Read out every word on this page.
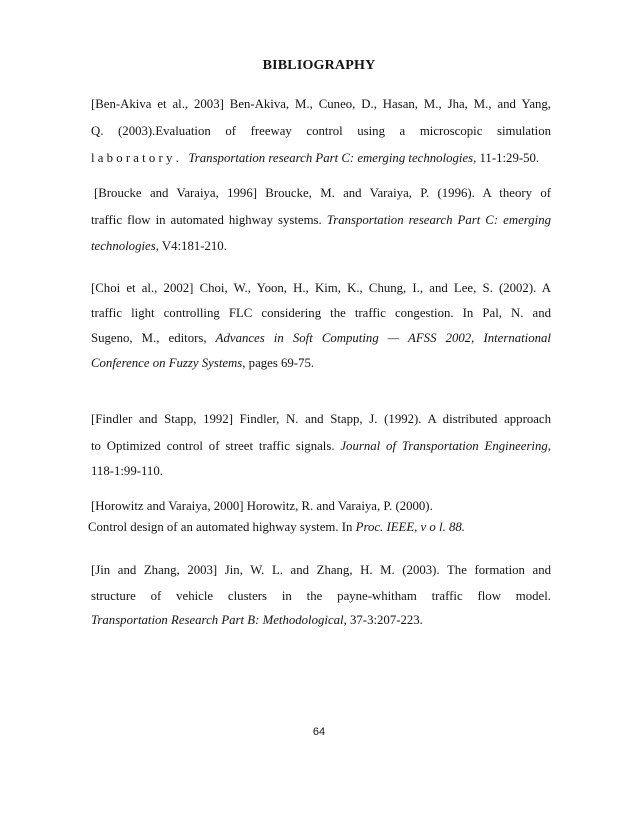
BIBLIOGRAPHY
[Ben-Akiva et al., 2003] Ben-Akiva, M., Cuneo, D., Hasan, M., Jha, M., and Yang,
Q. (2003).Evaluation of freeway control using a microscopic simulation
l a b o r a t o r y . Transportation research Part C: emerging technologies, 11-1:29-50.
[Broucke and Varaiya, 1996] Broucke, M. and Varaiya, P. (1996). A theory of
traffic flow in automated highway systems. Transportation research Part C: emerging
technologies, V4:181-210.
[Choi et al., 2002] Choi, W., Yoon, H., Kim, K., Chung, I., and Lee, S. (2002). A
traffic light controlling FLC considering the traffic congestion. In Pal, N. and
Sugeno, M., editors, Advances in Soft Computing — AFSS 2002, International
Conference on Fuzzy Systems, pages 69-75.
[Findler and Stapp, 1992] Findler, N. and Stapp, J. (1992). A distributed approach
to Optimized control of street traffic signals. Journal of Transportation Engineering,
118-1:99-110.
[Horowitz and Varaiya, 2000] Horowitz, R. and Varaiya, P. (2000).
Control design of an automated highway system. In Proc. IEEE, v o l. 88.
[Jin and Zhang, 2003] Jin, W. L. and Zhang, H. M. (2003). The formation and
structure of vehicle clusters in the payne-whitham traffic flow model.
Transportation Research Part B: Methodological, 37-3:207-223.
64
